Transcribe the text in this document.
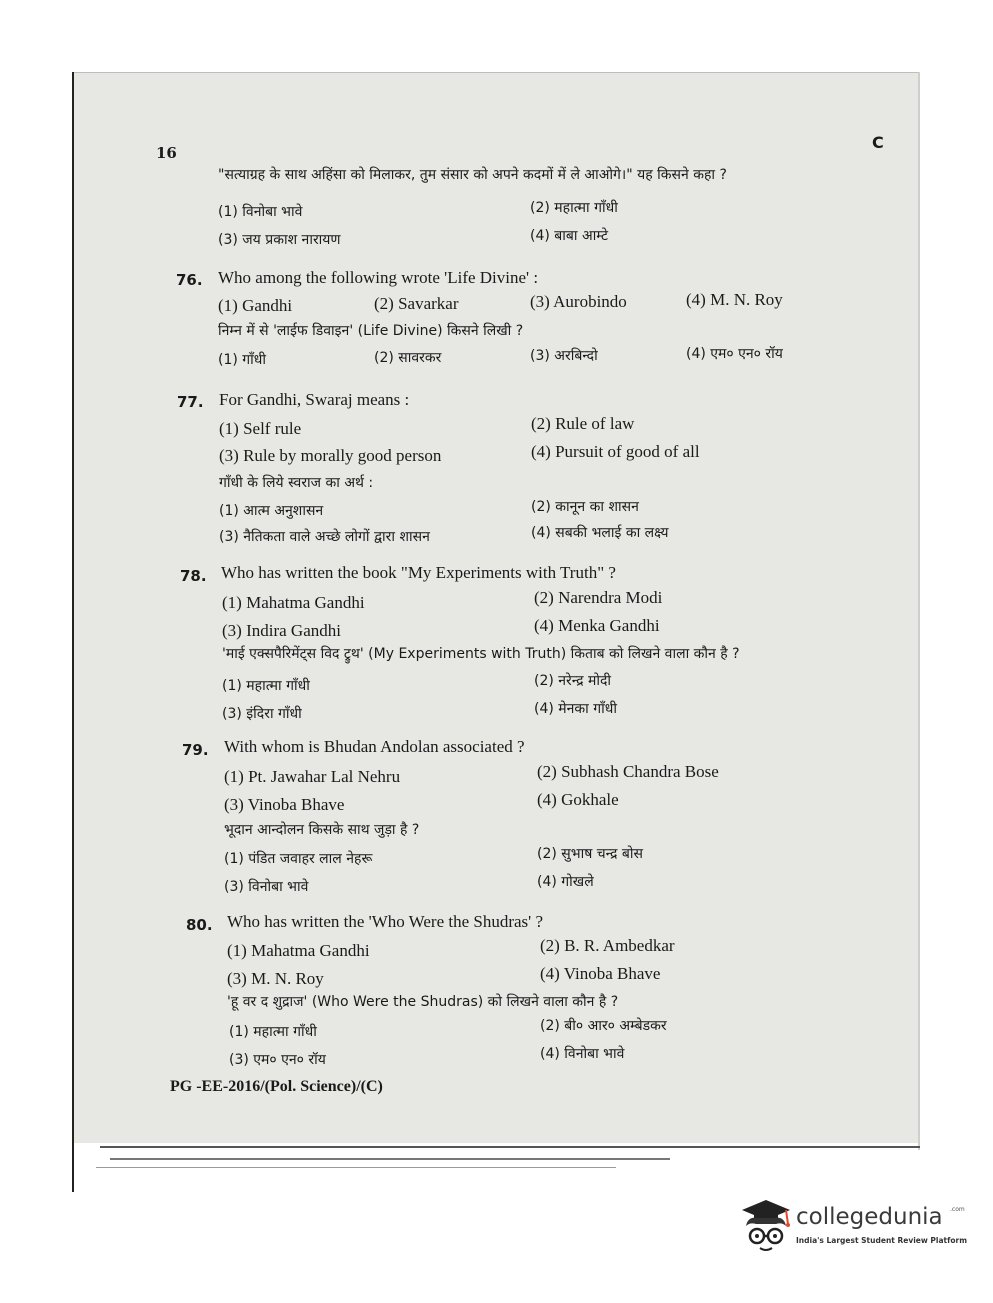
16
C
"सत्याग्रह के साथ अहिंसा को मिलाकर, तुम संसार को अपने कदमों में ले आओगे।" यह किसने कहा ?
(1) विनोबा भावे	(2) महात्मा गाँधी
(3) जय प्रकाश नारायण	(4) बाबा आम्टे
76. Who among the following wrote 'Life Divine' :
(1) Gandhi	(2) Savarkar	(3) Aurobindo	(4) M. N. Roy
निम्न में से 'लाईफ डिवाइन' (Life Divine) किसने लिखी ?
(1) गाँधी	(2) सावरकर	(3) अरबिन्दो	(4) एम० एन० रॉय
77. For Gandhi, Swaraj means :
(1) Self rule	(2) Rule of law
(3) Rule by morally good person	(4) Pursuit of good of all
गाँधी के लिये स्वराज का अर्थ :
(1) आत्म अनुशासन	(2) कानून का शासन
(3) नैतिकता वाले अच्छे लोगों द्वारा शासन	(4) सबकी भलाई का लक्ष्य
78. Who has written the book "My Experiments with Truth" ?
(1) Mahatma Gandhi	(2) Narendra Modi
(3) Indira Gandhi	(4) Menka Gandhi
'माई एक्सपैरिमेंट्स विद ट्रुथ' (My Experiments with Truth) किताब को लिखने वाला कौन है ?
(1) महात्मा गाँधी	(2) नरेन्द्र मोदी
(3) इंदिरा गाँधी	(4) मेनका गाँधी
79. With whom is Bhudan Andolan associated ?
(1) Pt. Jawahar Lal Nehru	(2) Subhash Chandra Bose
(3) Vinoba Bhave	(4) Gokhale
भूदान आन्दोलन किसके साथ जुड़ा है ?
(1) पंडित जवाहर लाल नेहरू	(2) सुभाष चन्द्र बोस
(3) विनोबा भावे	(4) गोखले
80. Who has written the 'Who Were the Shudras' ?
(1) Mahatma Gandhi	(2) B. R. Ambedkar
(3) M. N. Roy	(4) Vinoba Bhave
'हू वर द शुद्राज' (Who Were the Shudras) को लिखने वाला कौन है ?
(1) महात्मा गाँधी	(2) बी० आर० अम्बेडकर
(3) एम० एन० रॉय	(4) विनोबा भावे
PG -EE-2016/(Pol. Science)/(C)
collegedunia .com
India's Largest Student Review Platform
